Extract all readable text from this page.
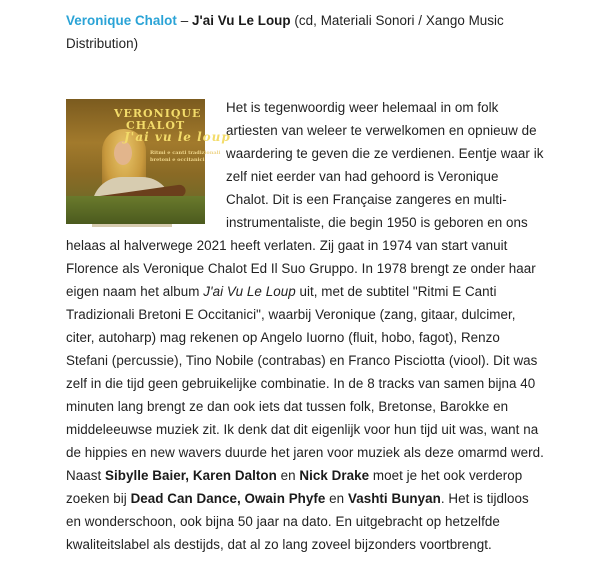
Veronique Chalot – J'ai Vu Le Loup (cd, Materiali Sonori / Xango Music Distribution)

VERONIQUE
CHALOT
J'ai vu le loup
Ritmi e canti tradizionali
bretoni e occitanici

Het is tegenwoordig weer helemaal in om folk artiesten van weleer te verwelkomen en opnieuw de waardering te geven die ze verdienen. Eentje waar ik zelf niet eerder van had gehoord is Veronique Chalot. Dit is een Française zangeres en multi-instrumentaliste, die begin 1950 is geboren en ons helaas al halverwege 2021 heeft verlaten. Zij gaat in 1974 van start vanuit Florence als Veronique Chalot Ed Il Suo Gruppo. In 1978 brengt ze onder haar eigen naam het album J'ai Vu Le Loup uit, met de subtitel "Ritmi E Canti Tradizionali Bretoni E Occitanici", waarbij Veronique (zang, gitaar, dulcimer, citer, autoharp) mag rekenen op Angelo Iuorno (fluit, hobo, fagot), Renzo Stefani (percussie), Tino Nobile (contrabas) en Franco Pisciotta (viool). Dit was zelf in die tijd geen gebruikelijke combinatie. In de 8 tracks van samen bijna 40 minuten lang brengt ze dan ook iets dat tussen folk, Bretonse, Barokke en middeleeuwse muziek zit. Ik denk dat dit eigenlijk voor hun tijd uit was, want na de hippies en new wavers duurde het jaren voor muziek als deze omarmd werd. Naast Sibylle Baier, Karen Dalton en Nick Drake moet je het ook verderop zoeken bij Dead Can Dance, Owain Phyfe en Vashti Bunyan. Het is tijdloos en wonderschoon, ook bijna 50 jaar na dato. En uitgebracht op hetzelfde kwaliteitslabel als destijds, dat al zo lang zoveel bijzonders voortbrengt.
